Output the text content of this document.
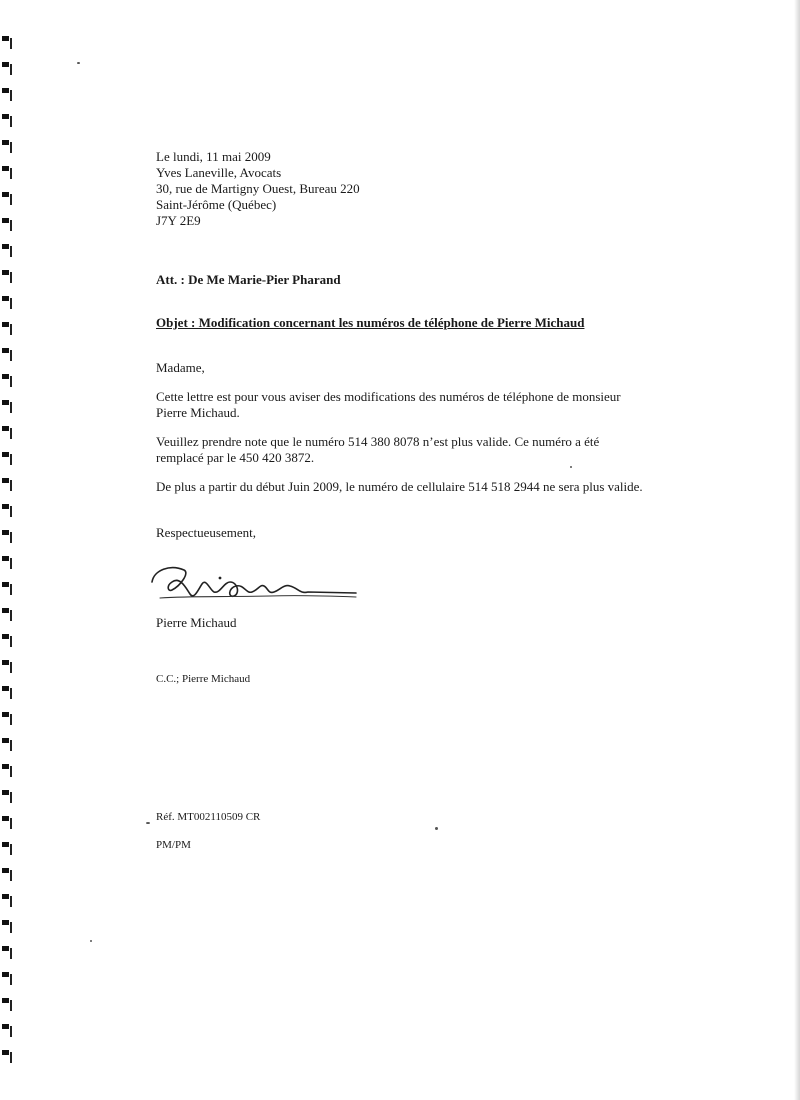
Le lundi, 11 mai 2009
Yves Laneville, Avocats
30, rue de Martigny Ouest, Bureau 220
Saint-Jérôme (Québec)
J7Y 2E9
Att. : De Me Marie-Pier Pharand
Objet : Modification concernant les numéros de téléphone de Pierre Michaud
Madame,
Cette lettre est pour vous aviser des modifications des numéros de téléphone de monsieur
Pierre Michaud.
Veuillez prendre note que le numéro 514 380 8078 n’est plus valide. Ce numéro a été
remplacé par le 450 420 3872.
De plus a partir du début Juin 2009, le numéro de cellulaire 514 518 2944 ne sera plus valide.
Respectueusement,
Pierre Michaud
C.C.; Pierre Michaud
Réf. MT002110509 CR
PM/PM
